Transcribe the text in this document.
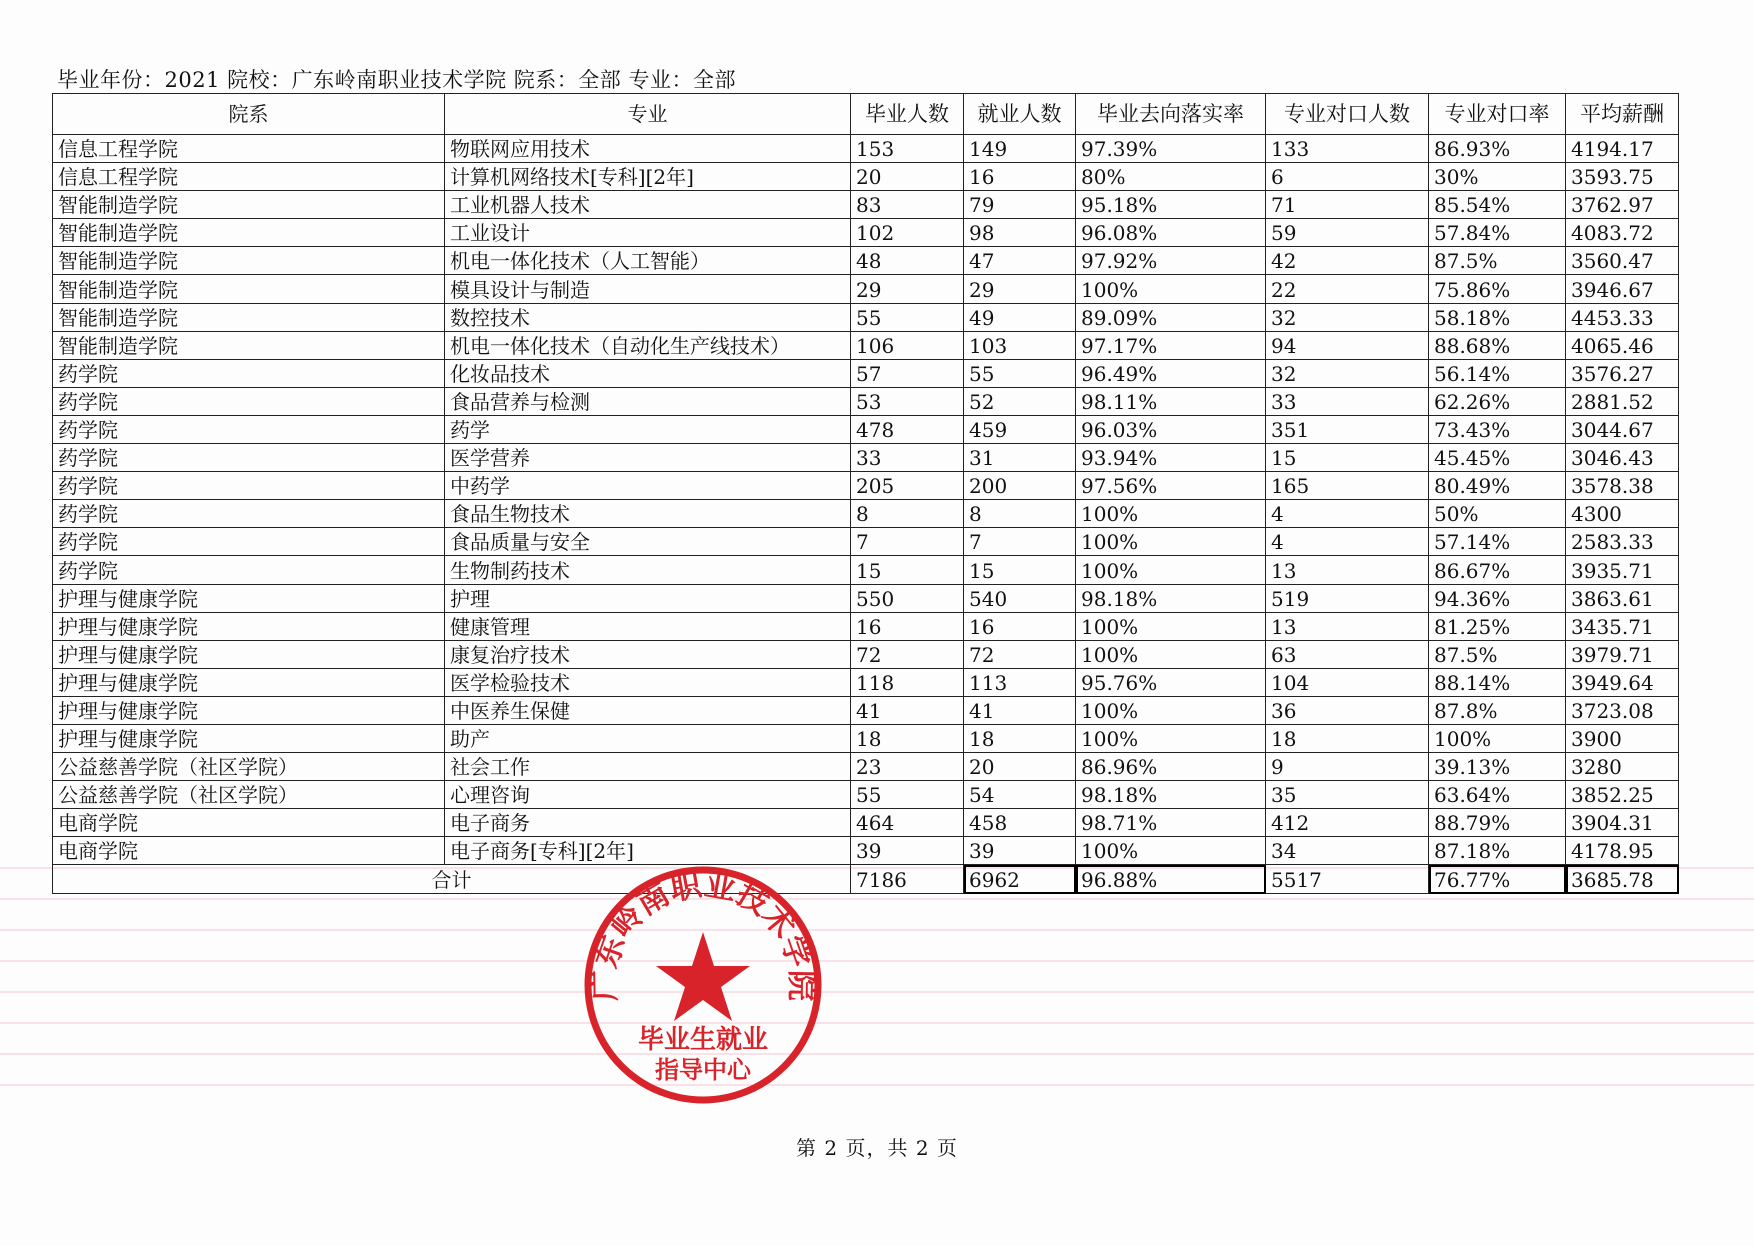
毕业年份：2021 院校：广东岭南职业技术学院 院系：全部 专业：全部
院系	专业	毕业人数	就业人数	毕业去向落实率	专业对口人数	专业对口率	平均薪酬
信息工程学院	物联网应用技术	153	149	97.39%	133	86.93%	4194.17
信息工程学院	计算机网络技术[专科][2年]	20	16	80%	6	30%	3593.75
智能制造学院	工业机器人技术	83	79	95.18%	71	85.54%	3762.97
智能制造学院	工业设计	102	98	96.08%	59	57.84%	4083.72
智能制造学院	机电一体化技术（人工智能）	48	47	97.92%	42	87.5%	3560.47
智能制造学院	模具设计与制造	29	29	100%	22	75.86%	3946.67
智能制造学院	数控技术	55	49	89.09%	32	58.18%	4453.33
智能制造学院	机电一体化技术（自动化生产线技术）	106	103	97.17%	94	88.68%	4065.46
药学院	化妆品技术	57	55	96.49%	32	56.14%	3576.27
药学院	食品营养与检测	53	52	98.11%	33	62.26%	2881.52
药学院	药学	478	459	96.03%	351	73.43%	3044.67
药学院	医学营养	33	31	93.94%	15	45.45%	3046.43
药学院	中药学	205	200	97.56%	165	80.49%	3578.38
药学院	食品生物技术	8	8	100%	4	50%	4300
药学院	食品质量与安全	7	7	100%	4	57.14%	2583.33
药学院	生物制药技术	15	15	100%	13	86.67%	3935.71
护理与健康学院	护理	550	540	98.18%	519	94.36%	3863.61
护理与健康学院	健康管理	16	16	100%	13	81.25%	3435.71
护理与健康学院	康复治疗技术	72	72	100%	63	87.5%	3979.71
护理与健康学院	医学检验技术	118	113	95.76%	104	88.14%	3949.64
护理与健康学院	中医养生保健	41	41	100%	36	87.8%	3723.08
护理与健康学院	助产	18	18	100%	18	100%	3900
公益慈善学院（社区学院）	社会工作	23	20	86.96%	9	39.13%	3280
公益慈善学院（社区学院）	心理咨询	55	54	98.18%	35	63.64%	3852.25
电商学院	电子商务	464	458	98.71%	412	88.79%	3904.31
电商学院	电子商务[专科][2年]	39	39	100%	34	87.18%	4178.95
合计		7186	6962	96.88%	5517	76.77%	3685.78
广东岭南职业技术学院
毕业生就业
指导中心
第 2 页，共 2 页
